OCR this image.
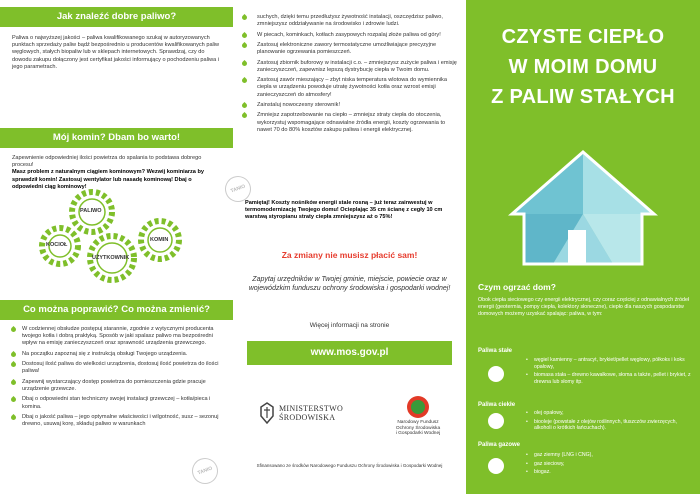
Jak znaleźć dobre paliwo?
Paliwa o najwyższej jakości – paliwa kwalifikowanego szukaj w autoryzowanych punktach sprzedaży paliw bądź bezpośrednio u producentów kwalifikowanych paliw węglowych, stałych biopaliw lub w sklepach internetowych. Sprawdzaj, czy do dowodu zakupu dołączony jest certyfikat jakości informujący o pochodzeniu paliwa i jego parametrach.
Mój komin? Dbam bo warto!
Zapewnienie odpowiedniej ilości powietrza do spalania to podstawa dobrego procesu!
Masz problem z naturalnym ciągiem kominowym? Wezwij kominiarza by sprawdził komin! Zastosuj wentylator lub nasadę kominową! Dbaj o odpowiedni ciąg kominowy!
PALIWO
KOCIOŁ
KOMIN
UŻYTKOWNIK
Co można poprawić? Co można zmienić?
W codziennej obsłudze postępuj starannie, zgodnie z wytycznymi producenta twojego kotła i dobrą praktyką. Sposób w jaki spalasz paliwo ma bezpośredni wpływ na emisję zanieczyszczeń oraz sprawność urządzenia grzewczego.
Na początku zapoznaj się z instrukcją obsługi Twojego urządzenia.
Dostosuj ilość paliwa do wielkości urządzenia, dostosuj ilość powietrza do ilości paliwa!
Zapewnij wystarczający dostęp powietrza do pomieszczenia gdzie pracuje urządzenie grzewcze.
Dbaj o odpowiedni stan techniczny swojej instalacji grzewczej – kotła/pieca i komina.
Dbaj o jakość paliwa – jego optymalne właściwości i wilgotność, susz – sezonuj drewno, usuwaj korę, składuj paliwo w warunkach
TANIO
suchych, dzięki temu przedłużysz żywotność instalacji, oszczędzisz paliwo, zmniejszysz oddziaływanie na środowisko i zdrowie ludzi.
W piecach, kominkach, kotłach zasypowych rozpalaj złoże paliwa od góry!
Zastosuj elektroniczne zawory termostatyczne umożliwiające precyzyjne planowanie ogrzewania pomieszczeń.
Zastosuj zbiornik buforowy w instalacji c.o. – zmniejszysz zużycie paliwa i emisję zanieczyszczeń, zapewnisz lepszą dystrybucję ciepła w Twoim domu.
Zastosuj zawór mieszający – zbyt niska temperatura wlotowa do wymiennika ciepła w urządzeniu powoduje utratę żywotności kotła oraz wzrost emisji zanieczyszczeń do atmosfery!
Zainstaluj nowoczesny sterownik!
Zmniejsz zapotrzebowanie na ciepło – zmniejsz straty ciepła do otoczenia, wykorzystuj wspomagające odnawialne źródła energii, koszty ogrzewania to nawet 70 do 80% kosztów zakupu paliwa i energii elektrycznej.
TANIO
Pamiętaj! Koszty nośników energii stale rosną – już teraz zainwestuj w termomodernizację Twojego domu! Ocieplając 35 cm ścianę z cegły 10 cm warstwą styropianu straty ciepła zmniejszysz aż o 75%!
Za zmiany nie musisz płacić sam!
Zapytaj urzędników w Twojej gminie, miejscie, powiecie oraz w wojewódzkim funduszu ochrony środowiska i gospodarki wodnej!
Więcej informacji na stronie
www.mos.gov.pl
MINISTERSTWO
ŚRODOWISKA
Narodowy Fundusz
Ochrony Środowiska
i Gospodarki Wodnej
Sfinansowano ze środków Narodowego Funduszu Ochrony Środowiska i Gospodarki Wodnej
CZYSTE CIEPŁO
W MOIM DOMU
Z PALIW STAŁYCH
Czym ogrzać dom?
Obok ciepła sieciowego czy energii elektrycznej, czy coraz częściej z odnawialnych źródeł energii (geotermia, pompy ciepła, kolektory słoneczne), ciepło dla naszych gospodarstw domowych możemy uzyskać spalając: paliwa, w tym:
Paliwa stałe
• węgiel kamienny – antracyt, brykiet/pellet węglowy, półkoks i koks opałowy,
• biomasa stała – drewno kawałkowe, słoma a także, pellet i brykiet, z drewna lub słomy itp.
Paliwa ciekłe
• olej opałowy,
• biooleje (powstałe z olejów roślinnych, tłuszczów zwierzęcych, alkoholi o krótkich łańcuchach).
Paliwa gazowe
• gaz ziemny (LNG i CNG),
• gaz sieciowy,
• biogaz.
